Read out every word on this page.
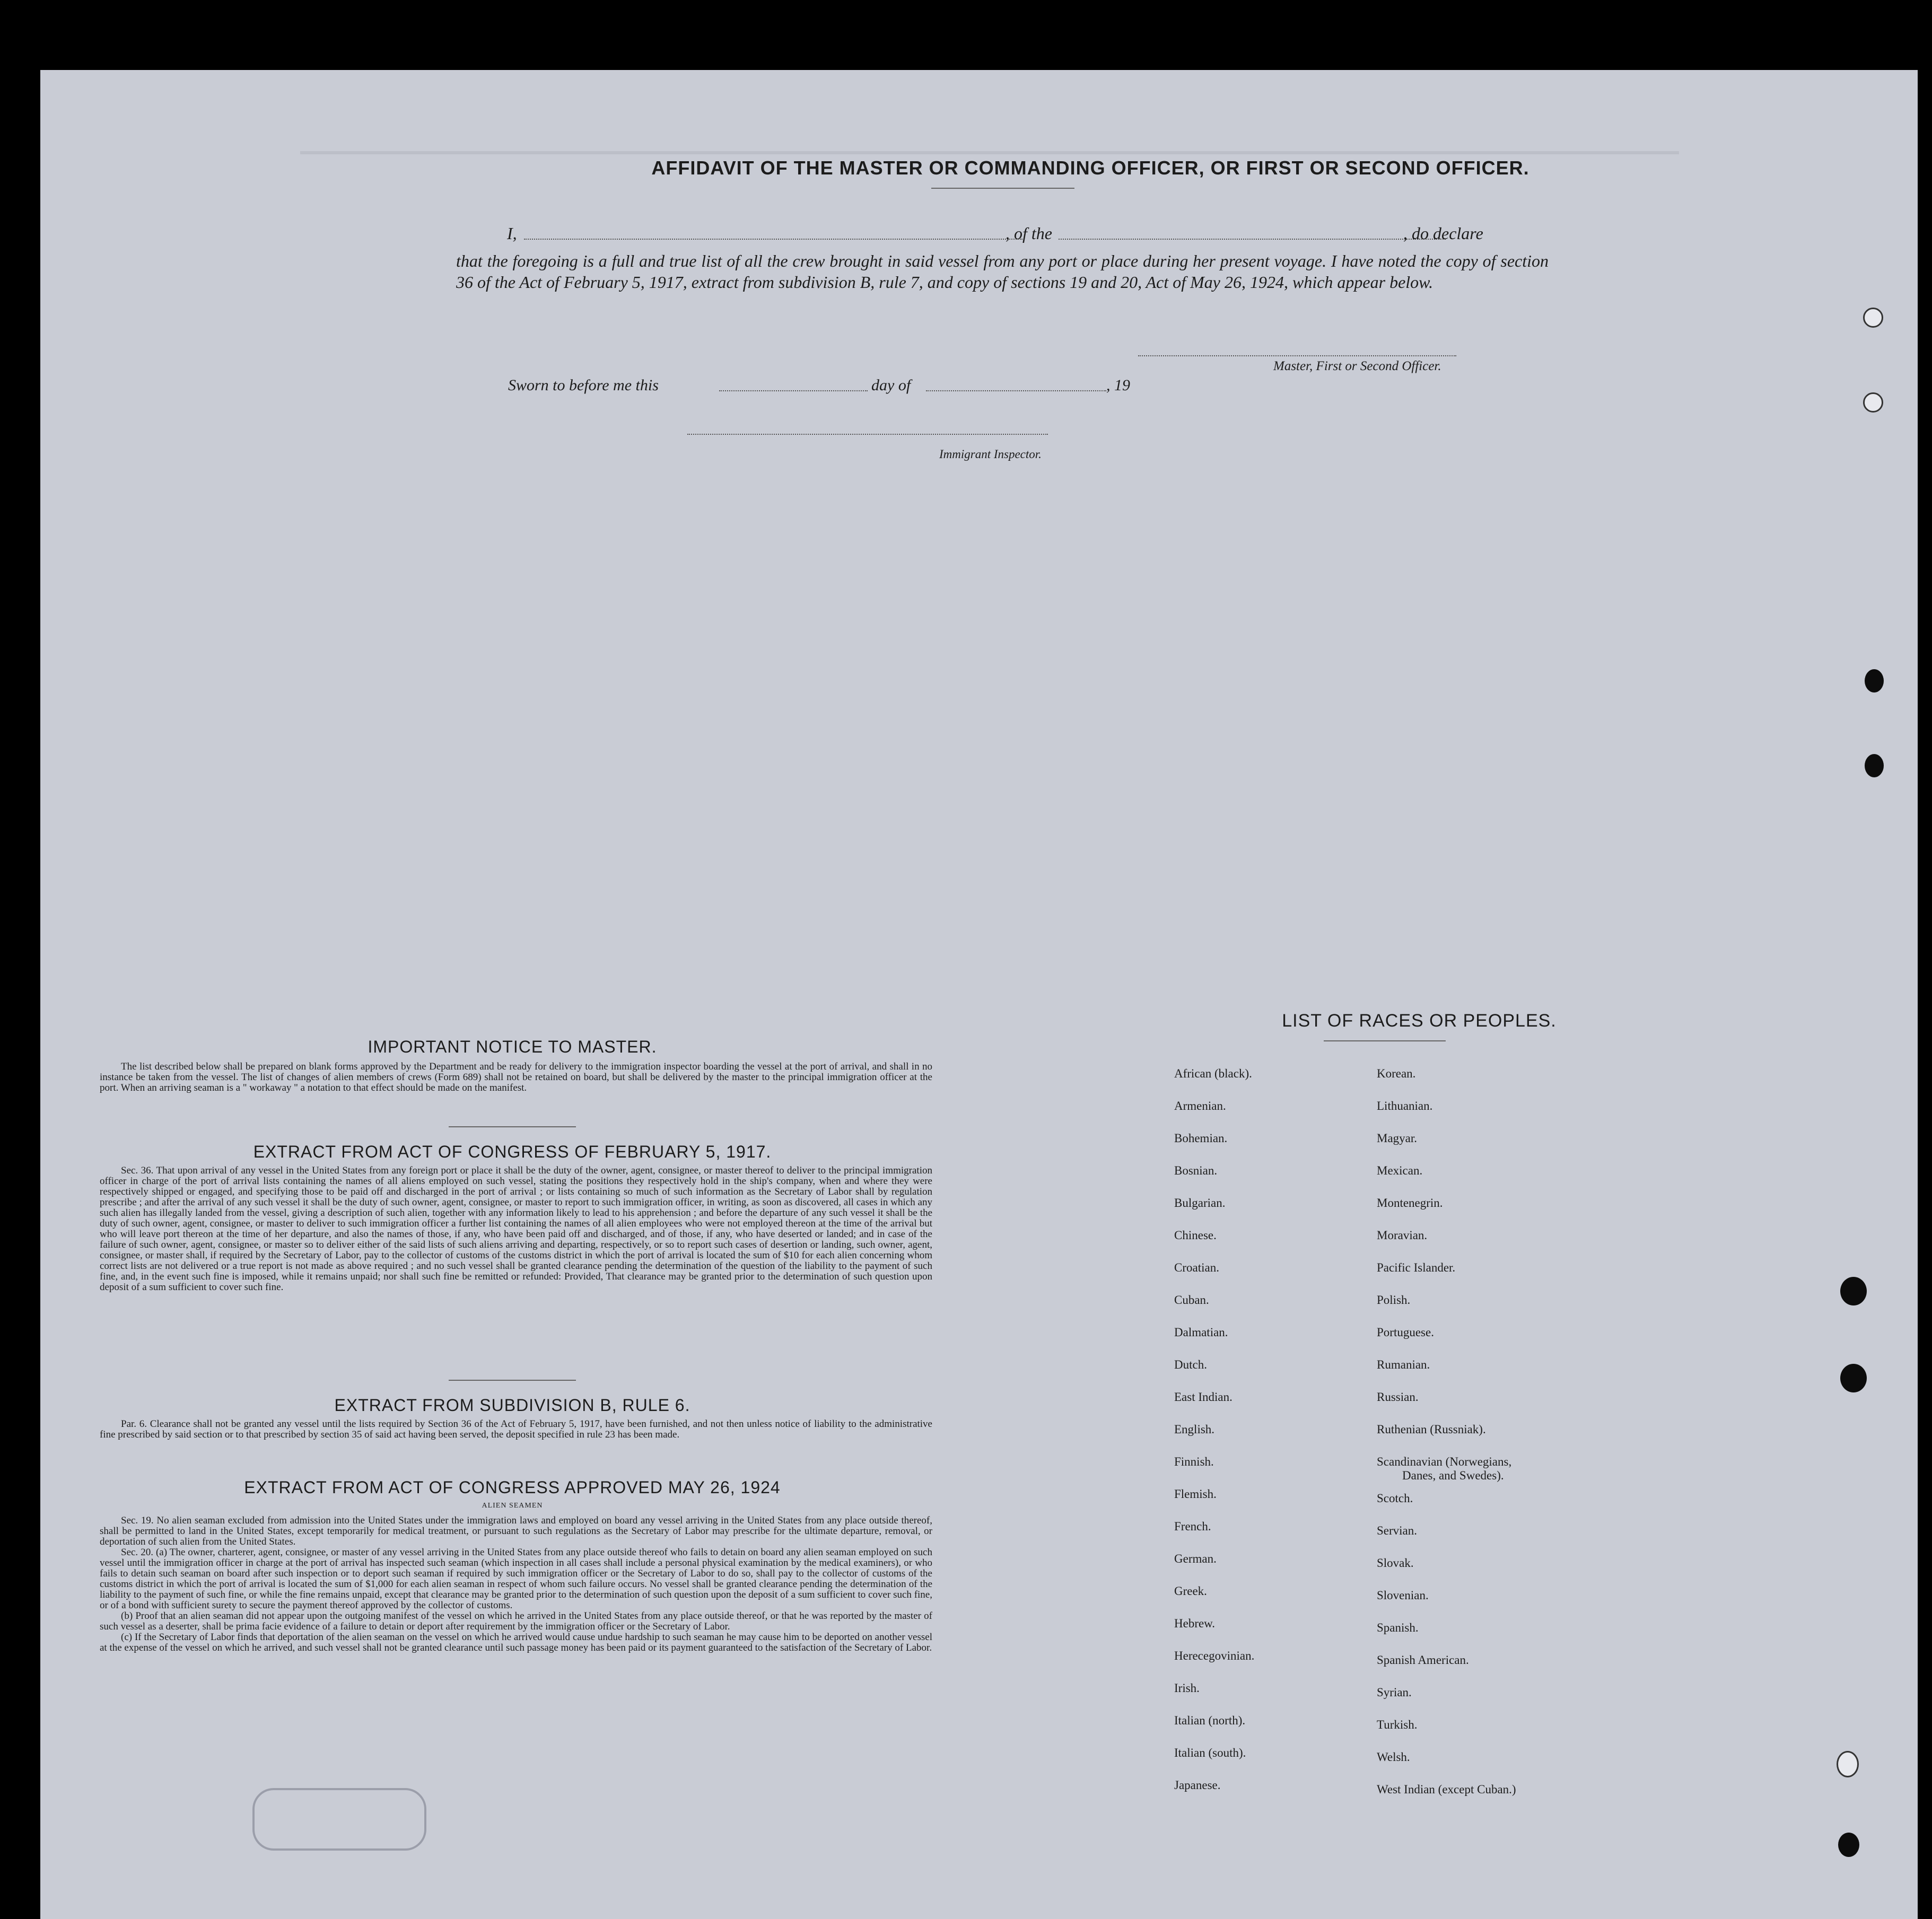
AFFIDAVIT OF THE MASTER OR COMMANDING OFFICER, OR FIRST OR SECOND OFFICER.
I,	, of the	, do declare
that the foregoing is a full and true list of all the crew brought in said vessel from any port or place during her present voyage. I have noted the copy of section 36 of the Act of February 5, 1917, extract from subdivision B, rule 7, and copy of sections 19 and 20, Act of May 26, 1924, which appear below.
Master, First or Second Officer.
Sworn to before me this	day of	, 19
Immigrant Inspector.
IMPORTANT NOTICE TO MASTER.

The list described below shall be prepared on blank forms approved by the Department and be ready for delivery to the immigration inspector boarding the vessel at the port of arrival, and shall in no instance be taken from the vessel. The list of changes of alien members of crews (Form 689) shall not be retained on board, but shall be delivered by the master to the principal immigration officer at the port. When an arriving seaman is a " workaway " a notation to that effect should be made on the manifest.

EXTRACT FROM ACT OF CONGRESS OF FEBRUARY 5, 1917.

Sec. 36. That upon arrival of any vessel in the United States from any foreign port or place it shall be the duty of the owner, agent, consignee, or master thereof to deliver to the principal immigration officer in charge of the port of arrival lists containing the names of all aliens employed on such vessel, stating the positions they respectively hold in the ship's company, when and where they were respectively shipped or engaged, and specifying those to be paid off and discharged in the port of arrival ; or lists containing so much of such information as the Secretary of Labor shall by regulation prescribe ; and after the arrival of any such vessel it shall be the duty of such owner, agent, consignee, or master to report to such immigration officer, in writing, as soon as discovered, all cases in which any such alien has illegally landed from the vessel, giving a description of such alien, together with any information likely to lead to his apprehension ; and before the departure of any such vessel it shall be the duty of such owner, agent, consignee, or master to deliver to such immigration officer a further list containing the names of all alien employees who were not employed thereon at the time of the arrival but who will leave port thereon at the time of her departure, and also the names of those, if any, who have been paid off and discharged, and of those, if any, who have deserted or landed; and in case of the failure of such owner, agent, consignee, or master so to deliver either of the said lists of such aliens arriving and departing, respectively, or so to report such cases of desertion or landing, such owner, agent, consignee, or master shall, if required by the Secretary of Labor, pay to the collector of customs of the customs district in which the port of arrival is located the sum of $10 for each alien concerning whom correct lists are not delivered or a true report is not made as above required ; and no such vessel shall be granted clearance pending the determination of the question of the liability to the payment of such fine, and, in the event such fine is imposed, while it remains unpaid; nor shall such fine be remitted or refunded: Provided, That clearance may be granted prior to the determination of such question upon deposit of a sum sufficient to cover such fine.

EXTRACT FROM SUBDIVISION B, RULE 6.

Par. 6. Clearance shall not be granted any vessel until the lists required by Section 36 of the Act of February 5, 1917, have been furnished, and not then unless notice of liability to the administrative fine prescribed by said section or to that prescribed by section 35 of said act having been served, the deposit specified in rule 23 has been made.

EXTRACT FROM ACT OF CONGRESS APPROVED MAY 26, 1924
ALIEN SEAMEN

Sec. 19. No alien seaman excluded from admission into the United States under the immigration laws and employed on board any vessel arriving in the United States from any place outside thereof, shall be permitted to land in the United States, except temporarily for medical treatment, or pursuant to such regulations as the Secretary of Labor may prescribe for the ultimate departure, removal, or deportation of such alien from the United States.

Sec. 20. (a) The owner, charterer, agent, consignee, or master of any vessel arriving in the United States from any place outside thereof who fails to detain on board any alien seaman employed on such vessel until the immigration officer in charge at the port of arrival has inspected such seaman (which inspection in all cases shall include a personal physical examination by the medical examiners), or who fails to detain such seaman on board after such inspection or to deport such seaman if required by such immigration officer or the Secretary of Labor to do so, shall pay to the collector of customs of the customs district in which the port of arrival is located the sum of $1,000 for each alien seaman in respect of whom such failure occurs. No vessel shall be granted clearance pending the determination of the liability to the payment of such fine, or while the fine remains unpaid, except that clearance may be granted prior to the determination of such question upon the deposit of a sum sufficient to cover such fine, or of a bond with sufficient surety to secure the payment thereof approved by the collector of customs.

(b) Proof that an alien seaman did not appear upon the outgoing manifest of the vessel on which he arrived in the United States from any place outside thereof, or that he was reported by the master of such vessel as a deserter, shall be prima facie evidence of a failure to detain or deport after requirement by the immigration officer or the Secretary of Labor.

(c) If the Secretary of Labor finds that deportation of the alien seaman on the vessel on which he arrived would cause undue hardship to such seaman he may cause him to be deported on another vessel at the expense of the vessel on which he arrived, and such vessel shall not be granted clearance until such passage money has been paid or its payment guaranteed to the satisfaction of the Secretary of Labor.

LIST OF RACES OR PEOPLES.
African (black).
Armenian.
Bohemian.
Bosnian.
Bulgarian.
Chinese.
Croatian.
Cuban.
Dalmatian.
Dutch.
East Indian.
English.
Finnish.
Flemish.
French.
German.
Greek.
Hebrew.
Herecegovinian.
Irish.
Italian (north).
Italian (south).
Japanese.
Korean.
Lithuanian.
Magyar.
Mexican.
Montenegrin.
Moravian.
Pacific Islander.
Polish.
Portuguese.
Rumanian.
Russian.
Ruthenian (Russniak).
Scandinavian (Norwegians,
Scotch.
Servian.
Slovak.
Slovenian.
Spanish.
Spanish American.
Syrian.
Turkish.
Welsh.
West Indian (except Cuban.)
Danes, and Swedes).
